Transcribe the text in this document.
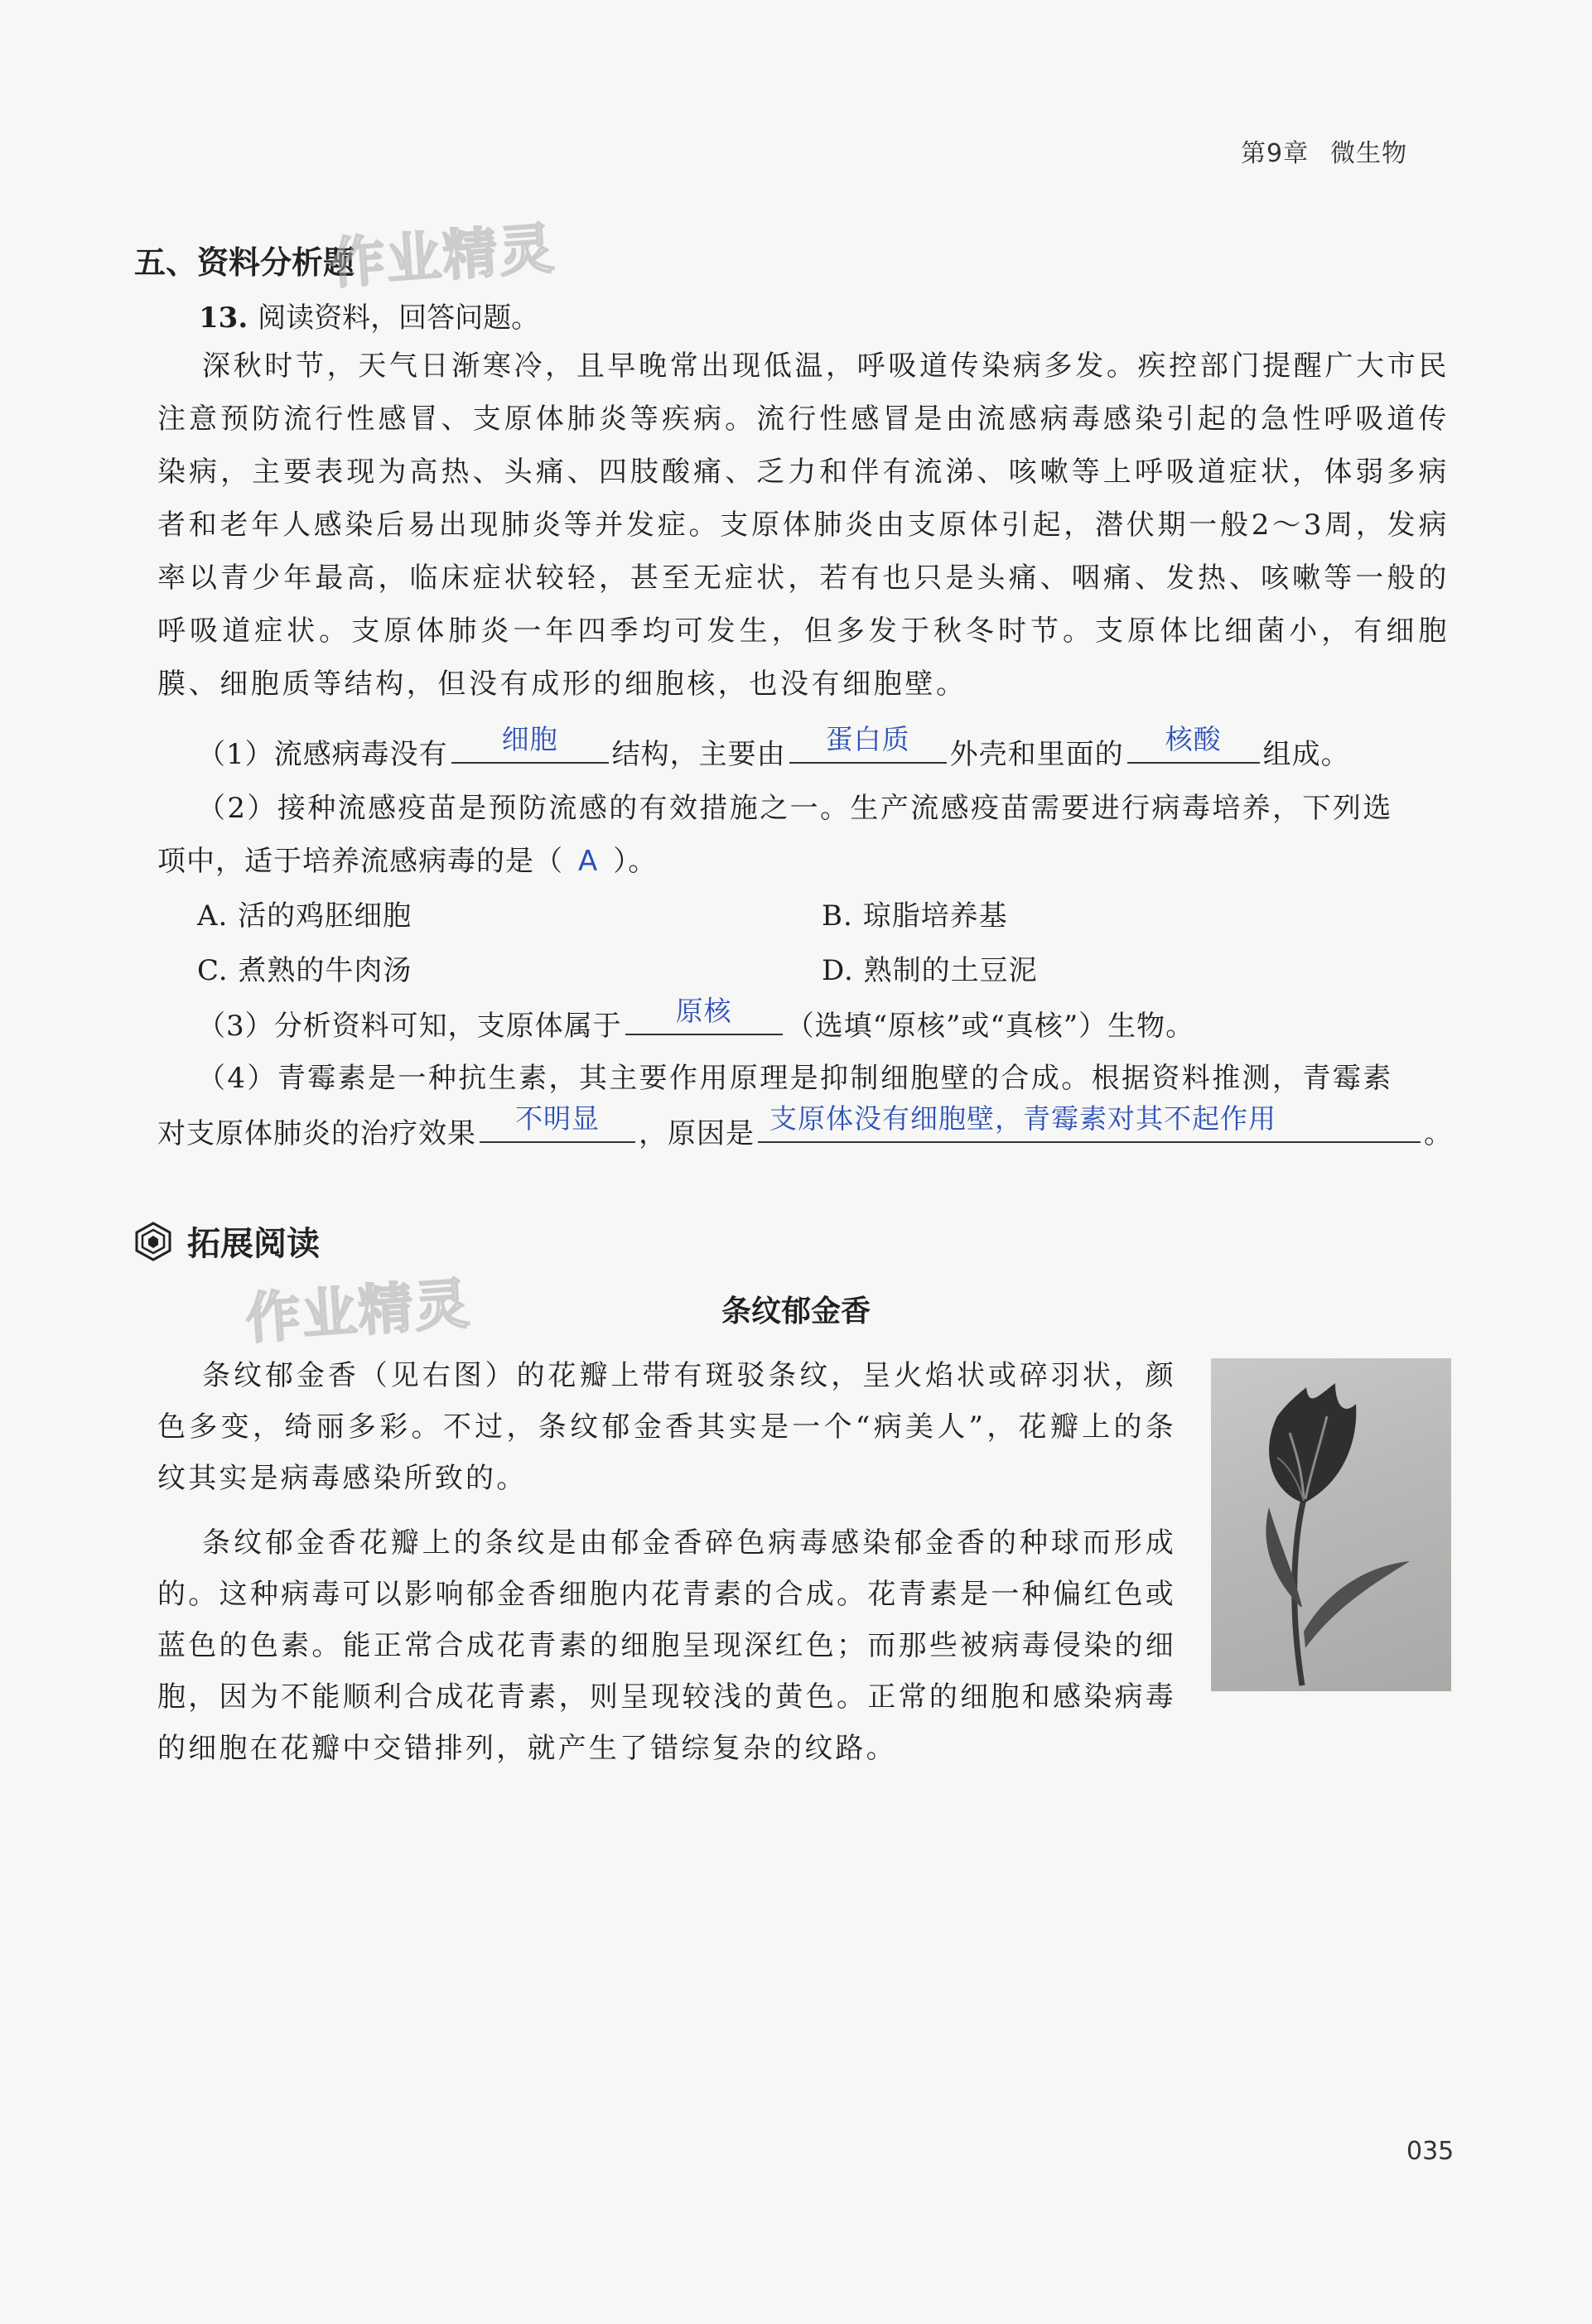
第9章 微生物
五、资料分析题
作业精灵
13. 阅读资料，回答问题。
深秋时节，天气日渐寒冷，且早晚常出现低温，呼吸道传染病多发。疾控部门提醒广大市民注意预防流行性感冒、支原体肺炎等疾病。流行性感冒是由流感病毒感染引起的急性呼吸道传染病，主要表现为高热、头痛、四肢酸痛、乏力和伴有流涕、咳嗽等上呼吸道症状，体弱多病者和老年人感染后易出现肺炎等并发症。支原体肺炎由支原体引起，潜伏期一般2～3周，发病率以青少年最高，临床症状较轻，甚至无症状，若有也只是头痛、咽痛、发热、咳嗽等一般的呼吸道症状。支原体肺炎一年四季均可发生，但多发于秋冬时节。支原体比细菌小，有细胞膜、细胞质等结构，但没有成形的细胞核，也没有细胞壁。
（1）流感病毒没有	细胞	结构，主要由	蛋白质	外壳和里面的	核酸	组成。
（2）接种流感疫苗是预防流感的有效措施之一。生产流感疫苗需要进行病毒培养，下列选
项中，适于培养流感病毒的是（ A ）。
A. 活的鸡胚细胞	B. 琼脂培养基
C. 煮熟的牛肉汤	D. 熟制的土豆泥
（3）分析资料可知，支原体属于	原核	（选填“原核”或“真核”）生物。
（4）青霉素是一种抗生素，其主要作用原理是抑制细胞壁的合成。根据资料推测，青霉素
对支原体肺炎的治疗效果	不明显	，原因是 支原体没有细胞壁，青霉素对其不起作用	。
拓展阅读
作业精灵	条纹郁金香

条纹郁金香（见右图）的花瓣上带有斑驳条纹，呈火焰状或碎羽状，颜色多变，绮丽多彩。不过，条纹郁金香其实是一个“病美人”，花瓣上的条纹其实是病毒感染所致的。

条纹郁金香花瓣上的条纹是由郁金香碎色病毒感染郁金香的种球而形成的。这种病毒可以影响郁金香细胞内花青素的合成。花青素是一种偏红色或蓝色的色素。能正常合成花青素的细胞呈现深红色；而那些被病毒侵染的细胞，因为不能顺利合成花青素，则呈现较浅的黄色。正常的细胞和感染病毒的细胞在花瓣中交错排列，就产生了错综复杂的纹路。

035
